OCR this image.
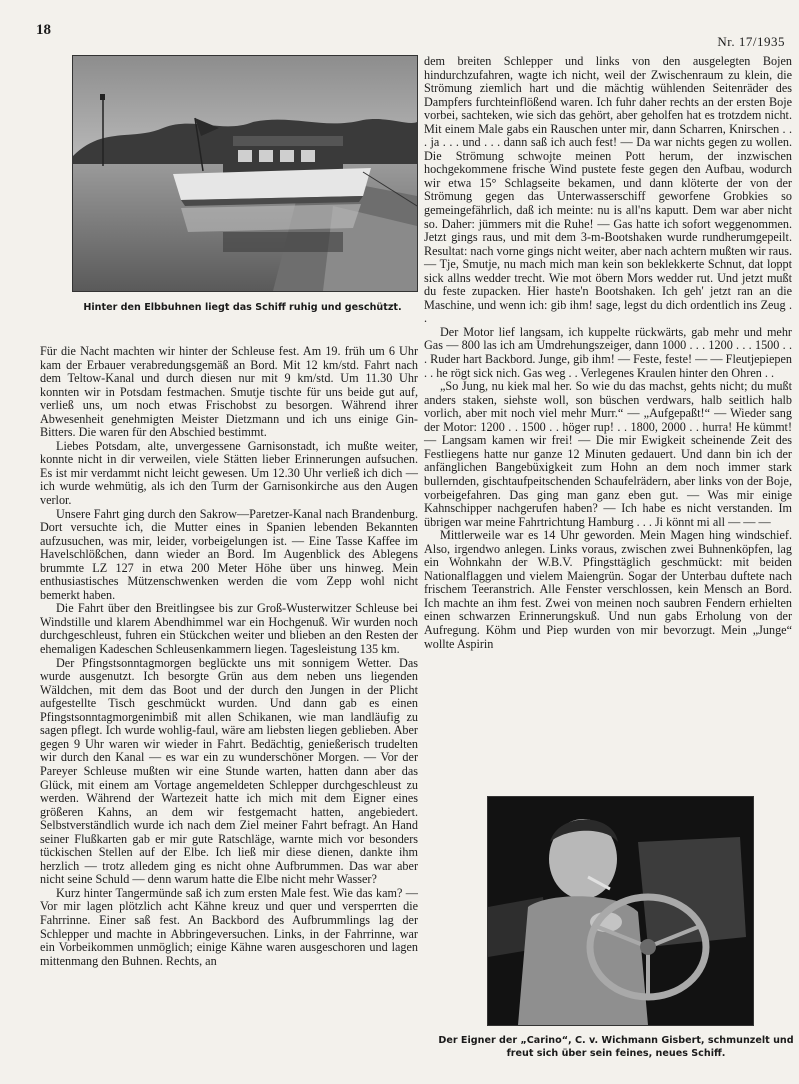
18
Nr. 17/1935
Hinter den Elbbuhnen liegt das Schiff ruhig und geschützt.

Für die Nacht machten wir hinter der Schleuse fest. Am 19. früh um 6 Uhr kam der Erbauer verabredungsgemäß an Bord. Mit 12 km/std. Fahrt nach dem Teltow-Kanal und durch diesen nur mit 9 km/std. Um 11.30 Uhr konnten wir in Potsdam festmachen. Smutje tischte für uns beide gut auf, verließ uns, um noch etwas Frischobst zu besorgen. Während ihrer Abwesenheit genehmigten Meister Dietzmann und ich uns einige Gin-Bitters. Die waren für den Abschied bestimmt.

Liebes Potsdam, alte, unvergessene Garnisonstadt, ich mußte weiter, konnte nicht in dir verweilen, viele Stätten lieber Erinnerungen aufsuchen. Es ist mir verdammt nicht leicht gewesen. Um 12.30 Uhr verließ ich dich — ich wurde wehmütig, als ich den Turm der Garnisonkirche aus den Augen verlor.

Unsere Fahrt ging durch den Sakrow—Paretzer-Kanal nach Brandenburg. Dort versuchte ich, die Mutter eines in Spanien lebenden Bekannten aufzusuchen, was mir, leider, vorbeigelungen ist. — Eine Tasse Kaffee im Havelschlößchen, dann wieder an Bord. Im Augenblick des Ablegens brummte LZ 127 in etwa 200 Meter Höhe über uns hinweg. Mein enthusiastisches Mützenschwenken werden die vom Zepp wohl nicht bemerkt haben.

Die Fahrt über den Breitlingsee bis zur Groß-Wusterwitzer Schleuse bei Windstille und klarem Abendhimmel war ein Hochgenuß. Wir wurden noch durchgeschleust, fuhren ein Stückchen weiter und blieben an den Resten der ehemaligen Kadeschen Schleusenkammern liegen. Tagesleistung 135 km.

Der Pfingstsonntagmorgen beglückte uns mit sonnigem Wetter. Das wurde ausgenutzt. Ich besorgte Grün aus dem neben uns liegenden Wäldchen, mit dem das Boot und der durch den Jungen in der Plicht aufgestellte Tisch geschmückt wurden. Und dann gab es einen Pfingstsonntagmorgenimbiß mit allen Schikanen, wie man landläufig zu sagen pflegt. Ich wurde wohlig-faul, wäre am liebsten liegen geblieben. Aber gegen 9 Uhr waren wir wieder in Fahrt. Bedächtig, genießerisch trudelten wir durch den Kanal — es war ein zu wunderschöner Morgen. — Vor der Pareyer Schleuse mußten wir eine Stunde warten, hatten dann aber das Glück, mit einem am Vortage angemeldeten Schlepper durchgeschleust zu werden. Während der Wartezeit hatte ich mich mit dem Eigner eines größeren Kahns, an dem wir festgemacht hatten, angebiedert. Selbstverständlich wurde ich nach dem Ziel meiner Fahrt befragt. An Hand seiner Flußkarten gab er mir gute Ratschläge, warnte mich vor besonders tückischen Stellen auf der Elbe. Ich ließ mir diese dienen, dankte ihm herzlich — trotz alledem ging es nicht ohne Aufbrummen. Das war aber nicht seine Schuld — denn warum hatte die Elbe nicht mehr Wasser?

Kurz hinter Tangermünde saß ich zum ersten Male fest. Wie das kam? — Vor mir lagen plötzlich acht Kähne kreuz und quer und versperrten die Fahrrinne. Einer saß fest. An Backbord des Aufbrummlings lag der Schlepper und machte in Abbringeversuchen. Links, in der Fahrrinne, war ein Vorbeikommen unmöglich; einige Kähne waren ausgeschoren und lagen mittenmang den Buhnen. Rechts, an

dem breiten Schlepper und links von den ausgelegten Bojen hindurchzufahren, wagte ich nicht, weil der Zwischenraum zu klein, die Strömung ziemlich hart und die mächtig wühlenden Seitenräder des Dampfers furchteinflößend waren. Ich fuhr daher rechts an der ersten Boje vorbei, sachteken, wie sich das gehört, aber geholfen hat es trotzdem nicht. Mit einem Male gabs ein Rauschen unter mir, dann Scharren, Knirschen . . . ja . . . und . . . dann saß ich auch fest! — Da war nichts gegen zu wollen. Die Strömung schwojte meinen Pott herum, der inzwischen hochgekommene frische Wind pustete feste gegen den Aufbau, wodurch wir etwa 15° Schlagseite bekamen, und dann klöterte der von der Strömung gegen das Unterwasserschiff geworfene Grobkies so gemeingefährlich, daß ich meinte: nu is all'ns kaputt. Dem war aber nicht so. Daher: jümmers mit die Ruhe! — Gas hatte ich sofort weggenommen. Jetzt gings raus, und mit dem 3-m-Bootshaken wurde rundherumgepeilt. Resultat: nach vorne gings nicht weiter, aber nach achtern mußten wir raus. — Tje, Smutje, nu mach mich man kein son beklekkerte Schnut, dat loppt sick allns wedder trecht. Wie mot öbern Mors wedder rut. Und jetzt mußt du feste zupacken. Hier haste'n Bootshaken. Ich geh' jetzt ran an die Maschine, und wenn ich: gib ihm! sage, legst du dich ordentlich ins Zeug . .

Der Motor lief langsam, ich kuppelte rückwärts, gab mehr und mehr Gas — 800 las ich am Umdrehungszeiger, dann 1000 . . . 1200 . . . 1500 . . . Ruder hart Backbord. Junge, gib ihm! — Feste, feste! — — Fleutjepiepen . . he rögt sick nich. Gas weg . . Verlegenes Kraulen hinter den Ohren . .

„So Jung, nu kiek mal her. So wie du das machst, gehts nicht; du mußt anders staken, siehste woll, son büschen verdwars, halb seitlich halb vorlich, aber mit noch viel mehr Murr.“ — „Aufgepaßt!“ — Wieder sang der Motor: 1200 . . 1500 . . höger rup! . . 1800, 2000 . . hurra! He kümmt! — Langsam kamen wir frei! — Die mir Ewigkeit scheinende Zeit des Festliegens hatte nur ganze 12 Minuten gedauert. Und dann bin ich der anfänglichen Bangebüxigkeit zum Hohn an dem noch immer stark bullernden, gischtaufpeitschenden Schaufelrädern, aber links von der Boje, vorbeigefahren. Das ging man ganz eben gut. — Was mir einige Kahnschipper nachgerufen haben? — Ich habe es nicht verstanden. Im übrigen war meine Fahrtrichtung Hamburg . . . Ji könnt mi all — — —

Mittlerweile war es 14 Uhr geworden. Mein Magen hing windschief. Also, irgendwo anlegen. Links voraus, zwischen zwei Buhnenköpfen, lag ein Wohnkahn der W.B.V. Pfingsttäglich geschmückt: mit beiden Nationalflaggen und vielem Maiengrün. Sogar der Unterbau duftete nach frischem Teeranstrich. Alle Fenster verschlossen, kein Mensch an Bord. Ich machte an ihm fest. Zwei von meinen noch saubren Fendern erhielten einen schwarzen Erinnerungskuß. Und nun gabs Erholung von der Aufregung. Köhm und Piep wurden von mir bevorzugt. Mein „Junge“ wollte Aspirin

Der Eigner der „Carino“, C. v. Wichmann Gisbert, schmunzelt und freut sich über sein feines, neues Schiff.
